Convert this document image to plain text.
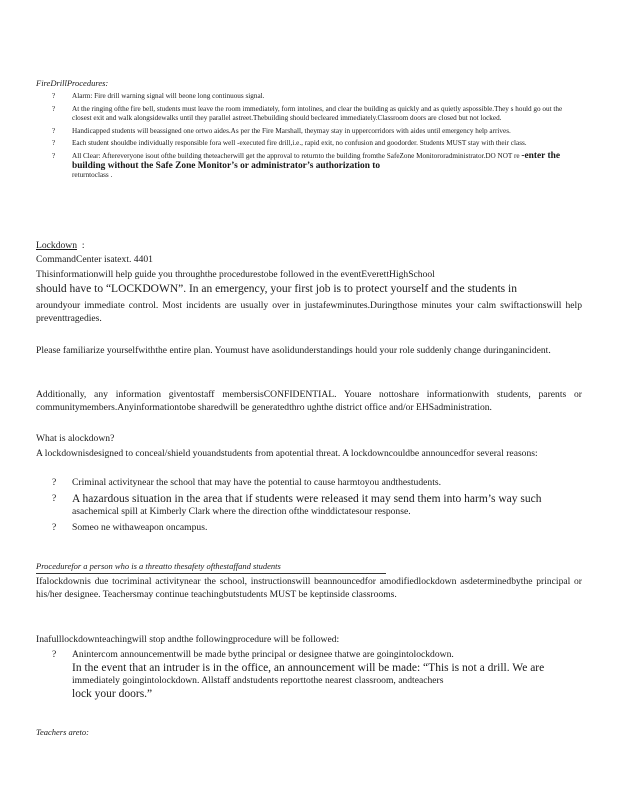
FireDrillProcedures:
? Alarm: Fire drill warning signal will beone long continuous signal.
? At the ringing ofthe fire bell, students must leave the room immediately, form intolines, and clear the building as quickly and as quietly aspossible.They s hould go out the closest exit and walk alongsidewalks until they parallel astreet.Thebuilding should becleared immediately.Classroom doors are closed but not locked.
? Handicapped students will beassigned one ortwo aides.As per the Fire Marshall, theymay stay in uppercorridors with aides until emergency help arrives.
? Each student shouldbe individually responsible fora well -executed fire drill,i.e., rapid exit, no confusion and goodorder. Students MUST stay with their class.
? All Clear: Aftereveryone isout ofthe building theteacherwill get the approval to returnto the building fromthe SafeZone Monitororadministrator.DO NOT re -enter the building without the Safe Zone Monitor’s or administrator’s authorization to
returntoclass .
Lockdown :

CommandCenter isatext. 4401

Thisinformationwill help guide you throughthe procedurestobe followed in the eventEverettHighSchool

should have to “LOCKDOWN”. In an emergency, your first job is to protect yourself and the students in

aroundyour immediate control. Most incidents are usually over in justafewminutes.Duringthose minutes your calm swiftactionswill help preventtragedies.

Please familiarize yourselfwiththe entire plan. Youmust have asolidunderstandings hould your role suddenly change duringanincident.

Additionally, any information giventostaff membersisCONFIDENTIAL. Youare nottoshare informationwith students, parents or communitymembers.Anyinformationtobe sharedwill be generatedthro ughthe district office and/or EHSadministration.

What is alockdown?

A lockdownisdesigned to conceal/shield youandstudents from apotential threat. A lockdowncouldbe announcedfor several reasons:

? Criminal activitynear the school that may have the potential to cause harmtoyou andthestudents.
? A hazardous situation in the area that if students were released it may send them into harm’s way such
asachemical spill at Kimberly Clark where the direction ofthe winddictatesour response.
? Someo ne withaweapon oncampus.
Procedurefor a person who is a threatto thesafety ofthestaffand students

Ifalockdownis due tocriminal activitynear the school, instructionswill beannouncedfor amodifiedlockdown asdeterminedbythe principal or his/her designee. Teachersmay continue teachingbutstudents MUST be keptinside classrooms.

Inafulllockdownteachingwill stop andthe followingprocedure will be followed:

? Anintercom announcementwill be made bythe principal or designee thatwe are goingintolockdown.
In the event that an intruder is in the office, an announcement will be made: “This is not a drill. We are
immediately goingintolockdown. Allstaff andstudents reporttothe nearest classroom, andteachers
lock your doors.”
Teachers areto:
